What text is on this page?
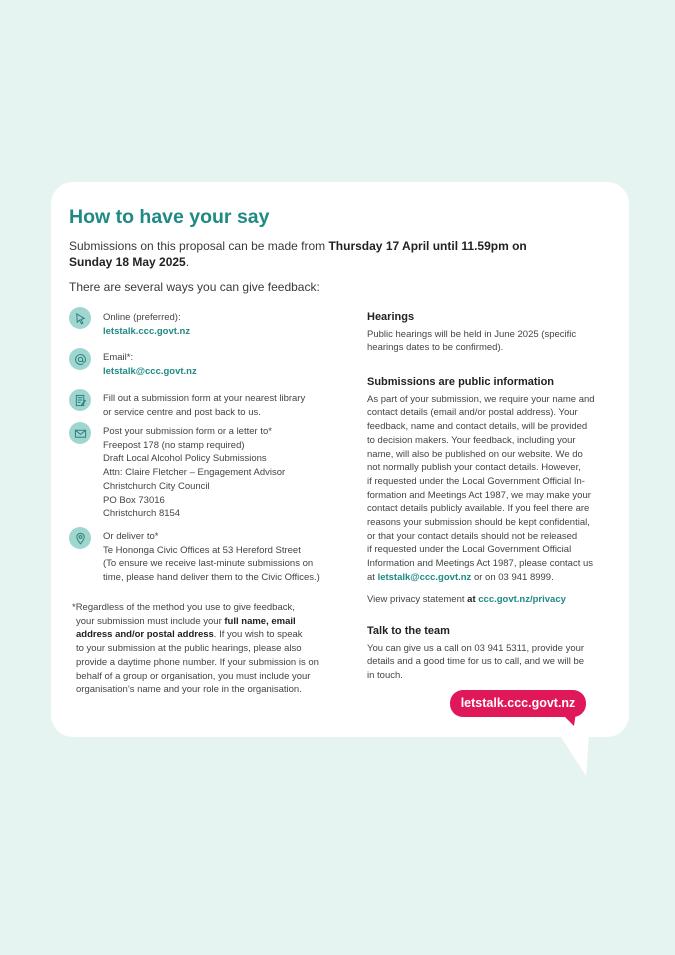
How to have your say

Submissions on this proposal can be made from Thursday 17 April until 11.59pm on
Sunday 18 May 2025.

There are several ways you can give feedback:

Online (preferred):
letstalk.ccc.govt.nz
Email*:
letstalk@ccc.govt.nz
Fill out a submission form at your nearest library
or service centre and post back to us.
Post your submission form or a letter to*
Freepost 178 (no stamp required)
Draft Local Alcohol Policy Submissions
Attn: Claire Fletcher – Engagement Advisor
Christchurch City Council
PO Box 73016
Christchurch 8154
Or deliver to*
Te Hononga Civic Offices at 53 Hereford Street
(To ensure we receive last-minute submissions on
time, please hand deliver them to the Civic Offices.)
*Regardless of the method you use to give feedback,
your submission must include your full name, email
address and/or postal address. If you wish to speak
to your submission at the public hearings, please also
provide a daytime phone number. If your submission is on
behalf of a group or organisation, you must include your
organisation’s name and your role in the organisation.
Hearings

Public hearings will be held in June 2025 (specific

hearings dates to be confirmed).

Submissions are public information

As part of your submission, we require your name and

contact details (email and/or postal address). Your

feedback, name and contact details, will be provided

to decision makers. Your feedback, including your

name, will also be published on our website. We do

not normally publish your contact details. However,

if requested under the Local Government Official In-

formation and Meetings Act 1987, we may make your

contact details publicly available. If you feel there are

reasons your submission should be kept confidential,

or that your contact details should not be released

if requested under the Local Government Official

Information and Meetings Act 1987, please contact us

at letstalk@ccc.govt.nz or on 03 941 8999.

View privacy statement at ccc.govt.nz/privacy

Talk to the team

You can give us a call on 03 941 5311, provide your

details and a good time for us to call, and we will be

in touch.

letstalk.ccc.govt.nz
